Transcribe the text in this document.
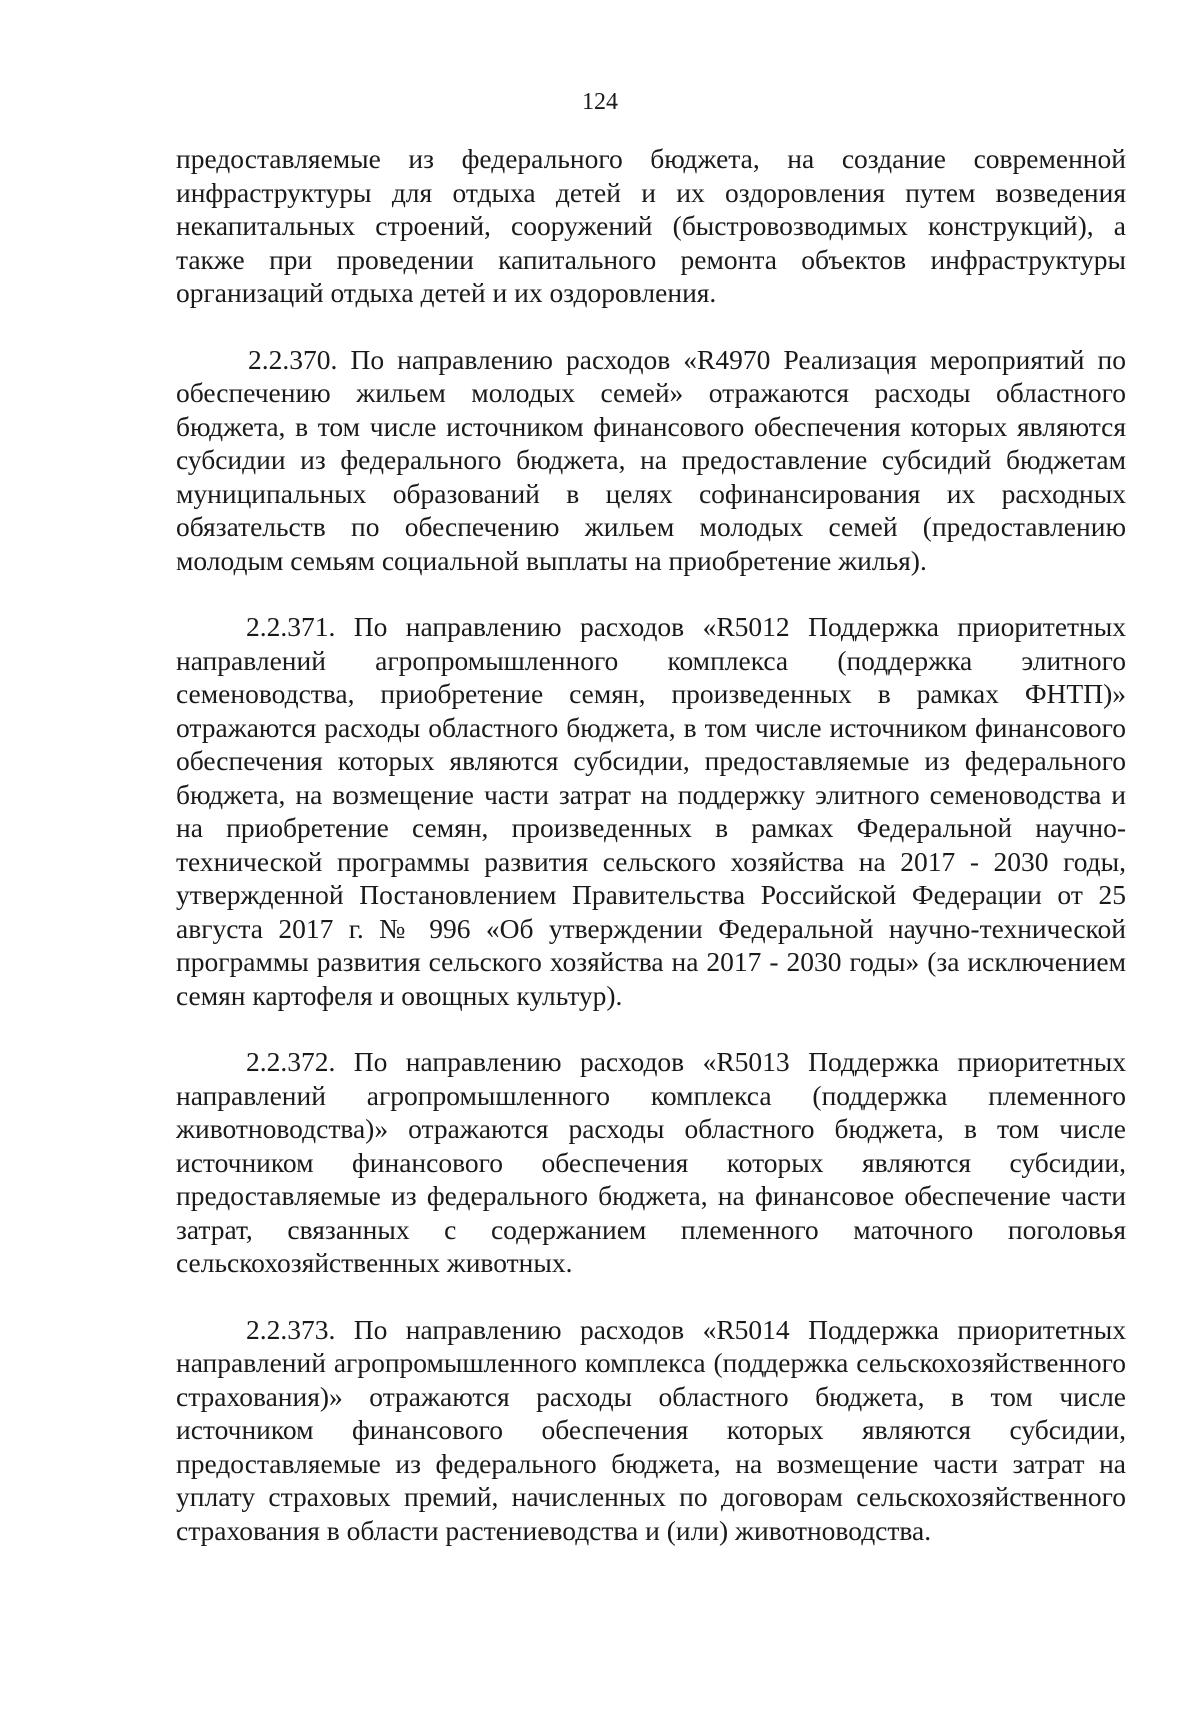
124

предоставляемые из федерального бюджета, на создание современной инфраструктуры для отдыха детей и их оздоровления путем возведения некапитальных строений, сооружений (быстровозводимых конструкций), а также при проведении капитального ремонта объектов инфраструктуры организаций отдыха детей и их оздоровления.

2.2.370. По направлению расходов «R4970 Реализация мероприятий по обеспечению жильем молодых семей» отражаются расходы областного бюджета, в том числе источником финансового обеспечения которых являются субсидии из федерального бюджета, на предоставление субсидий бюджетам муниципальных образований в целях софинансирования их расходных обязательств по обеспечению жильем молодых семей (предоставлению молодым семьям социальной выплаты на приобретение жилья).

2.2.371. По направлению расходов «R5012 Поддержка приоритетных направлений агропромышленного комплекса (поддержка элитного семеноводства, приобретение семян, произведенных в рамках ФНТП)» отражаются расходы областного бюджета, в том числе источником финансового обеспечения которых являются субсидии, предоставляемые из федерального бюджета, на возмещение части затрат на поддержку элитного семеноводства и на приобретение семян, произведенных в рамках Федеральной научно-технической программы развития сельского хозяйства на 2017 - 2030 годы, утвержденной Постановлением Правительства Российской Федерации от 25 августа 2017 г. № 996 «Об утверждении Федеральной научно-технической программы развития сельского хозяйства на 2017 - 2030 годы» (за исключением семян картофеля и овощных культур).

2.2.372. По направлению расходов «R5013 Поддержка приоритетных направлений агропромышленного комплекса (поддержка племенного животноводства)» отражаются расходы областного бюджета, в том числе источником финансового обеспечения которых являются субсидии, предоставляемые из федерального бюджета, на финансовое обеспечение части затрат, связанных с содержанием племенного маточного поголовья сельскохозяйственных животных.

2.2.373. По направлению расходов «R5014 Поддержка приоритетных направлений агропромышленного комплекса (поддержка сельскохозяйственного страхования)» отражаются расходы областного бюджета, в том числе источником финансового обеспечения которых являются субсидии, предоставляемые из федерального бюджета, на возмещение части затрат на уплату страховых премий, начисленных по договорам сельскохозяйственного страхования в области растениеводства и (или) животноводства.
